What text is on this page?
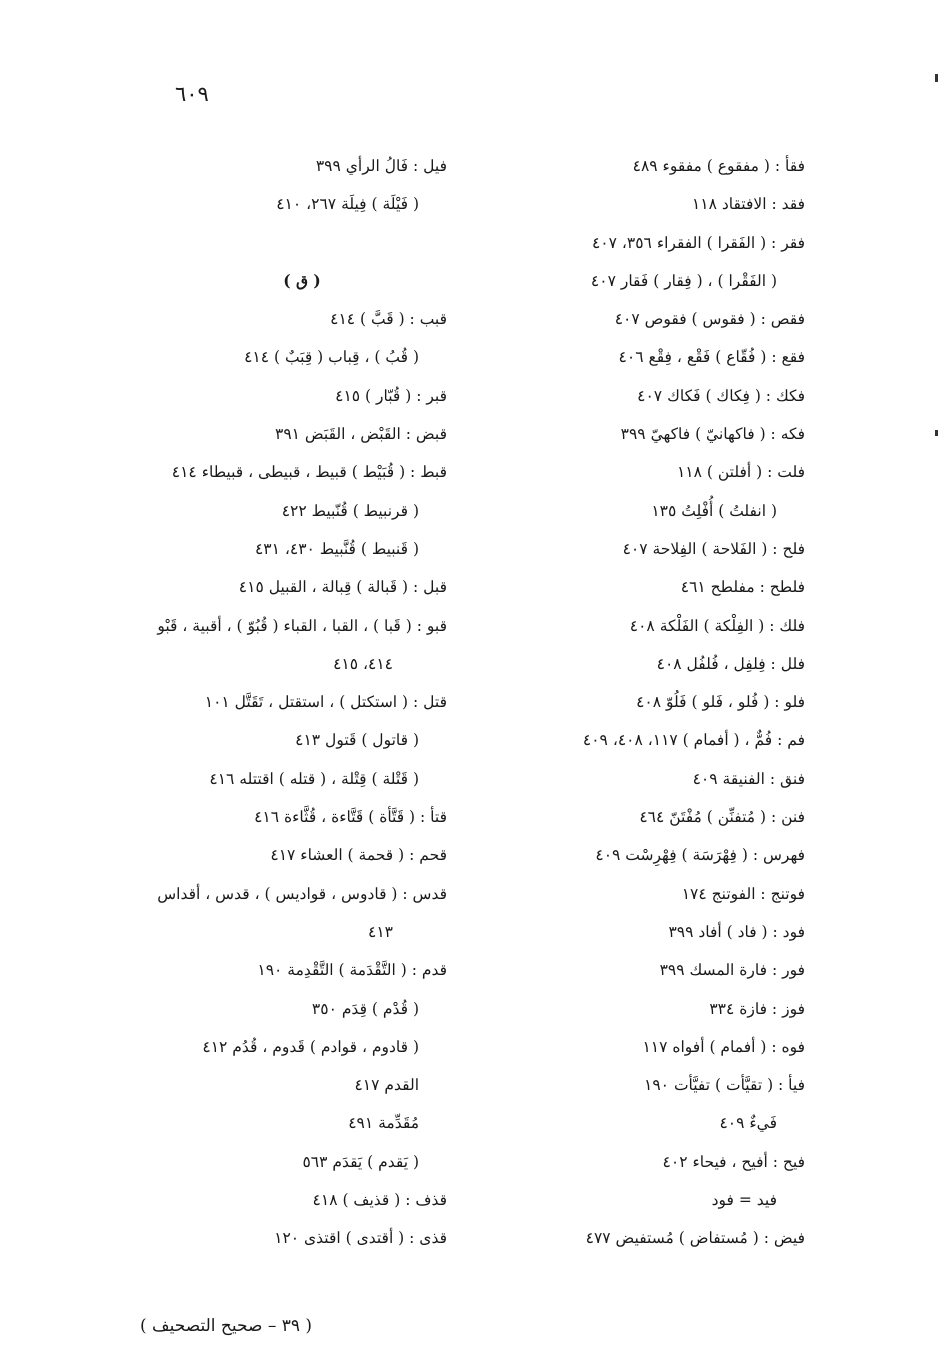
٦٠٩
فقأ : ( مفقوع ) مفقوء ٤٨٩
فقد : الافتقاد ١١٨
فقر : ( الفَقرا ) الفقراء ٣٥٦، ٤٠٧
( الفَقْرا ) ، ( فِقار ) فَقار ٤٠٧
فقص : ( فقوس ) فقوص ٤٠٧
فقع : ( فُقّاع ) فَقْع ، فِقْع ٤٠٦
فكك : ( فِكاك ) فَكاك ٤٠٧
فكه : ( فاكهانيّ ) فاكهيّ ٣٩٩
فلت : ( أفلتن ) ١١٨
( انفلتُ ) أُفْلِتُ ١٣٥
فلح : ( الفَلاحة ) الفِلاحة ٤٠٧
فلطح : مفلطح ٤٦١
فلك : ( الفِلْكة ) الفَلْكة ٤٠٨
فلل : فِلفِل ، فُلفُل ٤٠٨
فلو : ( فُلو ، فَلو ) فَلُوّ ٤٠٨
فم : فُمٌّ ، ( أفمام ) ١١٧، ٤٠٨، ٤٠٩
فنق : الفنيقة ٤٠٩
فنن : ( مُتفنِّن ) مُفْتَنّ ٤٦٤
فهرس : ( فِهْرَسَة ) فِهْرِسْت ٤٠٩
فوتنج : الفوتنج ١٧٤
فود : ( فاد ) أفاد ٣٩٩
فور : فارة المسك ٣٩٩
فوز : فازة ٣٣٤
فوه : ( أفمام ) أفواه ١١٧
فيأ : ( تقيَّأت ) تفيَّأت ١٩٠
فَيءٌ ٤٠٩
فيح : أفيح ، فيحاء ٤٠٢
فيد = فود
فيض : ( مُستفاض ) مُستفيض ٤٧٧
فيل : فَالُ الرأي ٣٩٩
( فَيْلَة ) فِيلَة ٢٦٧، ٤١٠
( ق )
قبب : ( قَبَّ ) ٤١٤
( قُبُ ) ، قِباب ( قِبَبٌ ) ٤١٤
قبر : ( قُبّار ) ٤١٥
قبض : القَبْض ، القَبَض ٣٩١
قبط : ( قُبَيْط ) قبيط ، قبيطى ، قبيطاء ٤١٤
( قرنبيط ) قُنّبيط ٤٢٢
( قَنبيط ) قُنَّبيط ٤٣٠، ٤٣١
قبل : ( قَبالة ) قِبالة ، القبيل ٤١٥
قبو : ( قَبا ) ، القبا ، القباء ( قُبُوّ ) ، أقبية ، قَبْو
٤١٤، ٤١٥
قتل : ( استكتل ) ، استقتل ، تَقَتَّل ١٠١
( قاتول ) قَتول ٤١٣
( قَتْلة ) قِتْلة ، ( قتله ) اقتتله ٤١٦
قتأ : ( قَتَّأة ) قَتَّاءة ، قُثَّاءة ٤١٦
قحم : ( قحمة ) العشاء ٤١٧
قدس : ( قادوس ، قواديس ) ، قدس ، أقداس
٤١٣
قدم : ( التَّقْدَمة ) التَّقْدِمة ١٩٠
( قُدْم ) قِدَم ٣٥٠
( قادوم ، قوادم ) قَدوم ، قُدُم ٤١٢
القدم ٤١٧
مُقَدِّمة ٤٩١
( يَقدم ) يَقدَم ٥٦٣
قذف : ( قذيف ) ٤١٨
قذى : ( أقتدى ) اقتذى ١٢٠
( ٣٩ – صحيح التصحيف )
